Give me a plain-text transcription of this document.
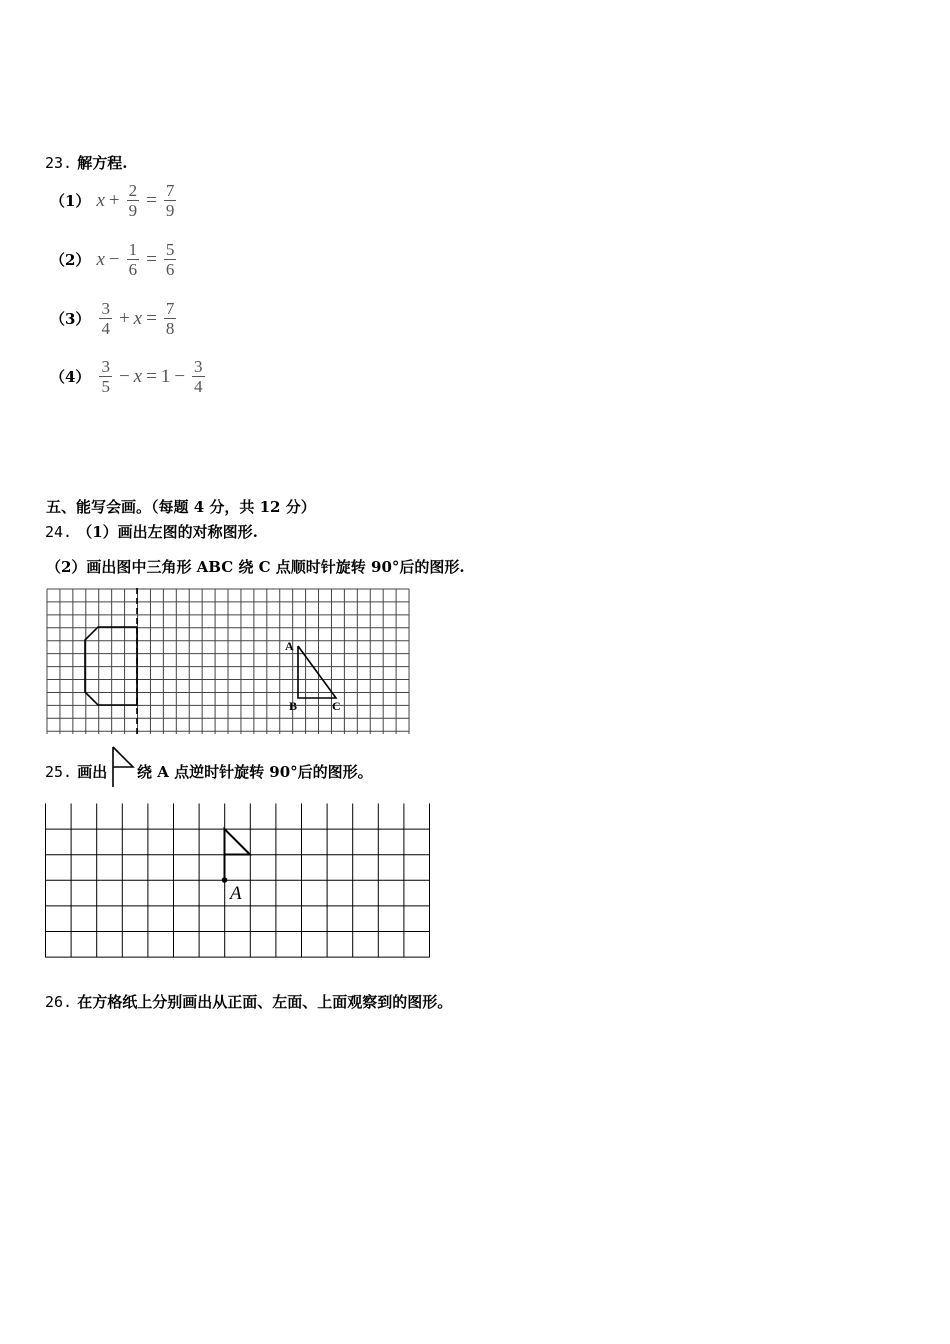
23. 解方程.
（1） $x + \frac{2}{9} = \frac{7}{9}$
（2） $x - \frac{1}{6} = \frac{5}{6}$
$(3) \frac{3}{4} + x = \frac{7}{8}$
$(4) \frac{3}{5} - x = 1 - \frac{3}{4}$
五、能写会画。（每题 4 分，共 12 分）
24. （1）画出左图的对称图形.
（2）画出图中三角形 ABC 绕 C 点顺时针旋转 90°后的图形.
A
B	C
25. 画出 绕 A 点逆时针旋转 90°后的图形。
A
26. 在方格纸上分别画出从正面、左面、上面观察到的图形。
